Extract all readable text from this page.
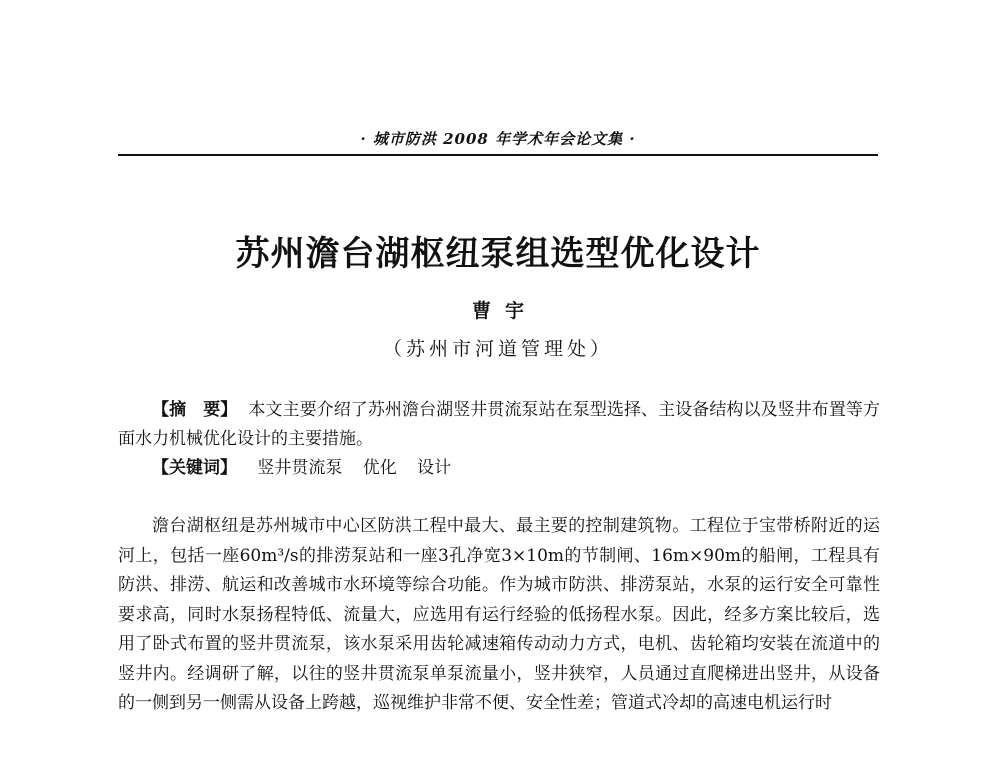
· 城市防洪 2008 年学术年会论文集 ·
苏州澹台湖枢纽泵组选型优化设计
曹宇
（苏州市河道管理处）

【摘　要】 本文主要介绍了苏州澹台湖竖井贯流泵站在泵型选择、主设备结构以及竖井布置等方面水力机械优化设计的主要措施。

【关键词】 竖井贯流泵 优化 设计

澹台湖枢纽是苏州城市中心区防洪工程中最大、最主要的控制建筑物。工程位于宝带桥附近的运河上，包括一座60m³/s的排涝泵站和一座3孔净宽3×10m的节制闸、16m×90m的船闸，工程具有防洪、排涝、航运和改善城市水环境等综合功能。作为城市防洪、排涝泵站，水泵的运行安全可靠性要求高，同时水泵扬程特低、流量大，应选用有运行经验的低扬程水泵。因此，经多方案比较后，选用了卧式布置的竖井贯流泵，该水泵采用齿轮减速箱传动动力方式，电机、齿轮箱均安装在流道中的竖井内。经调研了解，以往的竖井贯流泵单泵流量小，竖井狭窄，人员通过直爬梯进出竖井，从设备的一侧到另一侧需从设备上跨越，巡视维护非常不便、安全性差；管道式冷却的高速电机运行时
